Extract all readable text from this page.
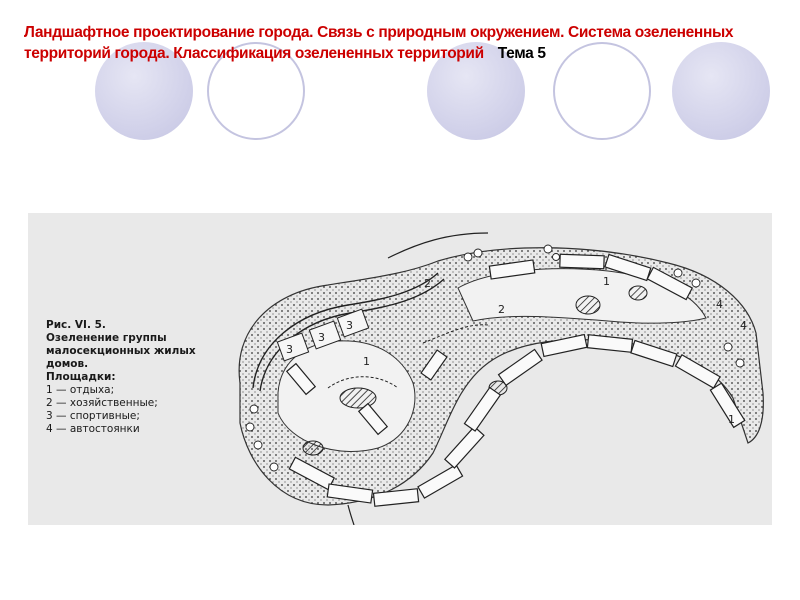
Ландшафтное проектирование города. Связь с природным окружением. Система озелененных территорий города. Классификация озелененных территорий Тема 5
1
1
1
2
2
3
3
3
4
4
Рис. VI. 5.
Озеленение группы малосекционных жилых домов.
Площадки:
1 — отдыха;
2 — хозяйственные;
3 — спортивные;
4 — автостоянки
